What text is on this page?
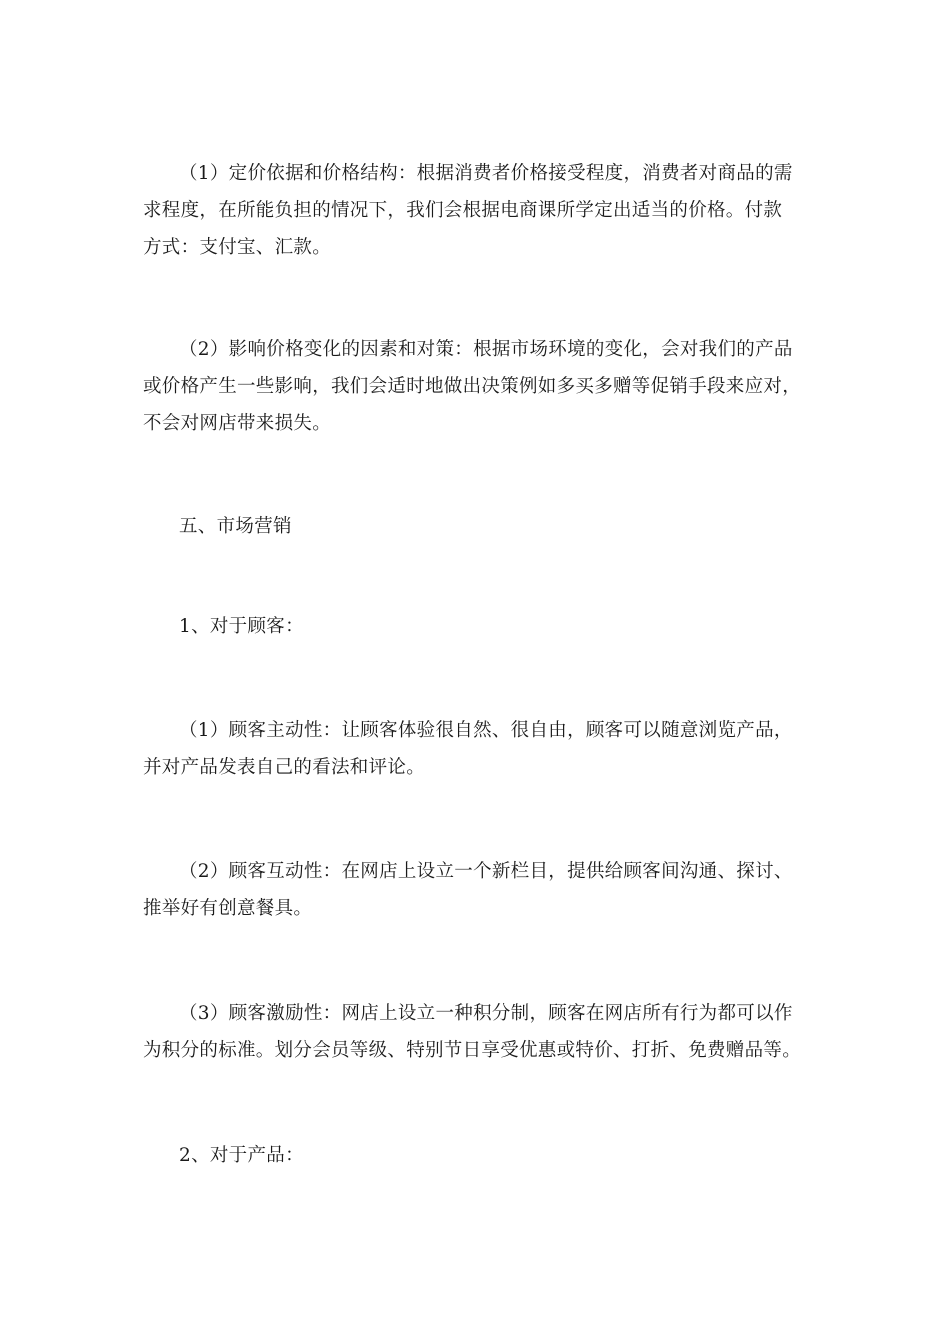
（1）定价依据和价格结构：根据消费者价格接受程度，消费者对商品的需
求程度，在所能负担的情况下，我们会根据电商课所学定出适当的价格。付款
方式：支付宝、汇款。

（2）影响价格变化的因素和对策：根据市场环境的变化，会对我们的产品
或价格产生一些影响，我们会适时地做出决策例如多买多赠等促销手段来应对，
不会对网店带来损失。

五、市场营销

1、对于顾客：

（1）顾客主动性：让顾客体验很自然、很自由，顾客可以随意浏览产品，
并对产品发表自己的看法和评论。

（2）顾客互动性：在网店上设立一个新栏目，提供给顾客间沟通、探讨、
推举好有创意餐具。

（3）顾客激励性：网店上设立一种积分制，顾客在网店所有行为都可以作
为积分的标准。划分会员等级、特别节日享受优惠或特价、打折、免费赠品等。

2、对于产品：
